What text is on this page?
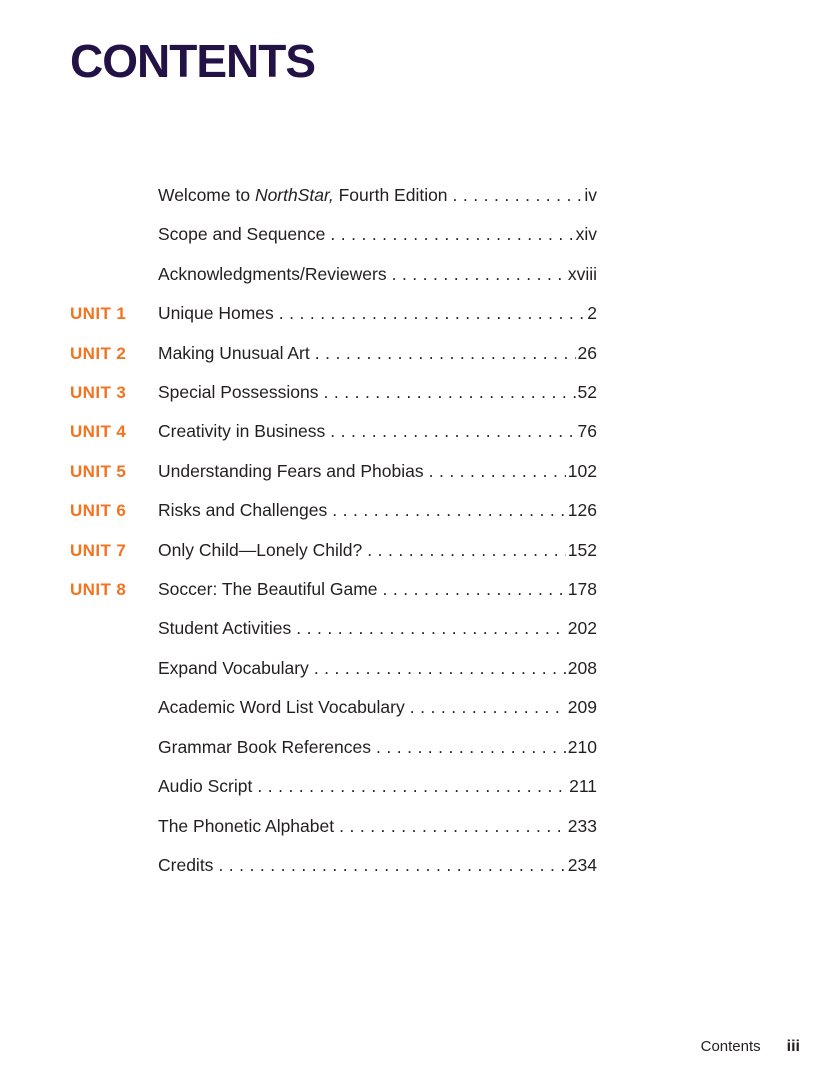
CONTENTS
Welcome to NorthStar, Fourth Edition .....	iv
Scope and Sequence .....	xiv
Acknowledgments/Reviewers .....	xviii
UNIT 1	Unique Homes .....	2
UNIT 2	Making Unusual Art .....	26
UNIT 3	Special Possessions .....	52
UNIT 4	Creativity in Business .....	76
UNIT 5	Understanding Fears and Phobias .....	102
UNIT 6	Risks and Challenges .....	126
UNIT 7	Only Child—Lonely Child? .....	152
UNIT 8	Soccer: The Beautiful Game .....	178
Student Activities .....	202
Expand Vocabulary .....	208
Academic Word List Vocabulary .....	209
Grammar Book References .....	210
Audio Script .....	211
The Phonetic Alphabet .....	233
Credits .....	234
Contents iii
